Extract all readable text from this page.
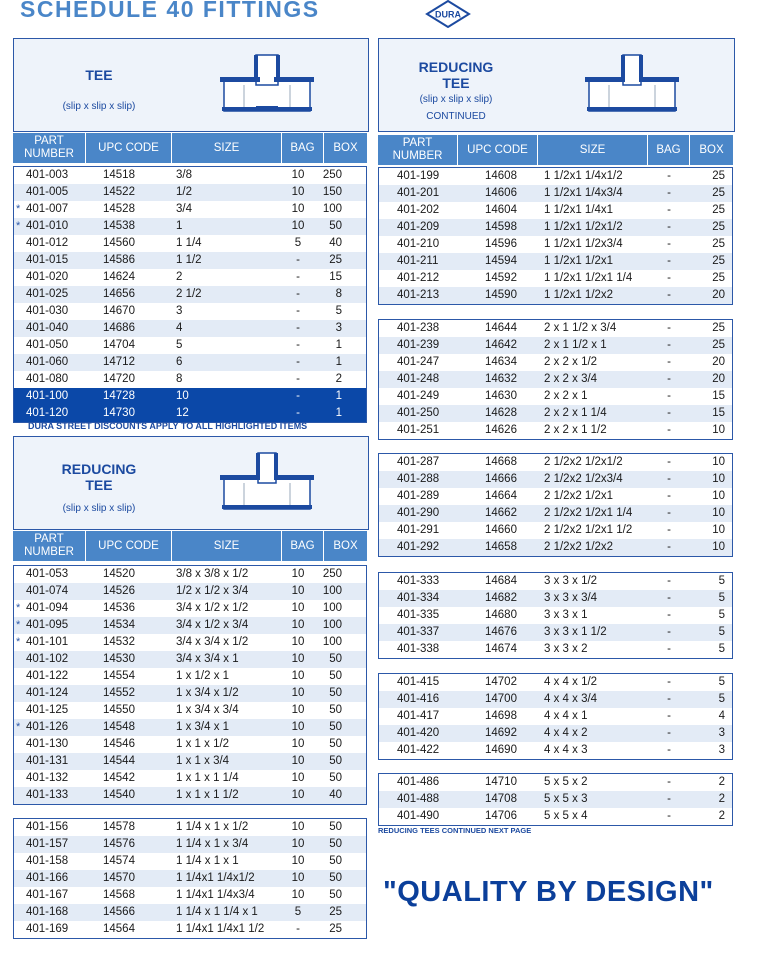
SCHEDULE 40 FITTINGS	DURA
TEE
(slip x slip x slip)
PART NUMBER
UPC CODE	SIZE	BAG	BOX
401-003	14518	3/8	10	250
401-005	14522	1/2	10	150
* 401-007	14528	3/4	10	100
* 401-010	14538	1	10	50
401-012	14560	1 1/4	5	40
401-015	14586	1 1/2	-	25
401-020	14624	2	-	15
401-025	14656	2 1/2	-	8
401-030	14670	3	-	5
401-040	14686	4	-	3
401-050	14704	5	-	1
401-060	14712	6	-	1
401-080	14720	8	-	2
401-100	14728	10	-	1
401-120	14730	12	-	1
DURA STREET DISCOUNTS APPLY TO ALL HIGHLIGHTED ITEMS
REDUCING TEE
(slip x slip x slip)
PART NUMBER
UPC CODE	SIZE	BAG	BOX
401-053	14520	3/8 x 3/8 x 1/2	10	250
401-074	14526	1/2 x 1/2 x 3/4	10	100
* 401-094	14536	3/4 x 1/2 x 1/2	10	100
* 401-095	14534	3/4 x 1/2 x 3/4	10	100
* 401-101	14532	3/4 x 3/4 x 1/2	10	100
401-102	14530	3/4 x 3/4 x 1	10	50
401-122	14554	1 x 1/2 x 1	10	50
401-124	14552	1 x 3/4 x 1/2	10	50
401-125	14550	1 x 3/4 x 3/4	10	50
* 401-126	14548	1 x 3/4 x 1	10	50
401-130	14546	1 x 1 x 1/2	10	50
401-131	14544	1 x 1 x 3/4	10	50
401-132	14542	1 x 1 x 1 1/4	10	50
401-133	14540	1 x 1 x 1 1/2	10	40
401-156	14578	1 1/4 x 1 x 1/2	10	50
401-157	14576	1 1/4 x 1 x 3/4	10	50
401-158	14574	1 1/4 x 1 x 1	10	50
401-166	14570	1 1/4x1 1/4x1/2	10	50
401-167	14568	1 1/4x1 1/4x3/4	10	50
401-168	14566	1 1/4 x 1 1/4 x 1	5	25
401-169	14564	1 1/4x1 1/4x1 1/2	-	25
REDUCING TEE
(slip x slip x slip)
CONTINUED
PART NUMBER
UPC CODE	SIZE	BAG	BOX
401-199	14608 1 1/2x1 1/4x1/2	-	25
401-201	14606 1 1/2x1 1/4x3/4	-	25
401-202	14604 1 1/2x1 1/4x1	-	25
401-209	14598 1 1/2x1 1/2x1/2	-	25
401-210	14596 1 1/2x1 1/2x3/4	-	25
401-211	14594 1 1/2x1 1/2x1	-	25
401-212	14592 1 1/2x1 1/2x1 1/4	-	25
401-213	14590 1 1/2x1 1/2x2	-	20
401-238	14644 2 x 1 1/2 x 3/4	-	25
401-239	14642 2 x 1 1/2 x 1	-	25
401-247	14634 2 x 2 x 1/2	-	20
401-248	14632 2 x 2 x 3/4	-	20
401-249	14630 2 x 2 x 1	-	15
401-250	14628 2 x 2 x 1 1/4	-	15
401-251	14626 2 x 2 x 1 1/2	-	10
401-287	14668 2 1/2x2 1/2x1/2	-	10
401-288	14666 2 1/2x2 1/2x3/4	-	10
401-289	14664 2 1/2x2 1/2x1	-	10
401-290	14662 2 1/2x2 1/2x1 1/4	-	10
401-291	14660 2 1/2x2 1/2x1 1/2	-	10
401-292	14658 2 1/2x2 1/2x2	-	10
401-333	14684 3 x 3 x 1/2	-	5
401-334	14682 3 x 3 x 3/4	-	5
401-335	14680 3 x 3 x 1	-	5
401-337	14676 3 x 3 x 1 1/2	-	5
401-338	14674 3 x 3 x 2	-	5
401-415	14702 4 x 4 x 1/2	-	5
401-416	14700 4 x 4 x 3/4	-	5
401-417	14698 4 x 4 x 1	-	4
401-420	14692 4 x 4 x 2	-	3
401-422	14690 4 x 4 x 3	-	3
401-486	14710 5 x 5 x 2	-	2
401-488	14708 5 x 5 x 3	-	2
401-490	14706 5 x 5 x 4	-	2
REDUCING TEES CONTINUED NEXT PAGE
"QUALITY BY DESIGN"
